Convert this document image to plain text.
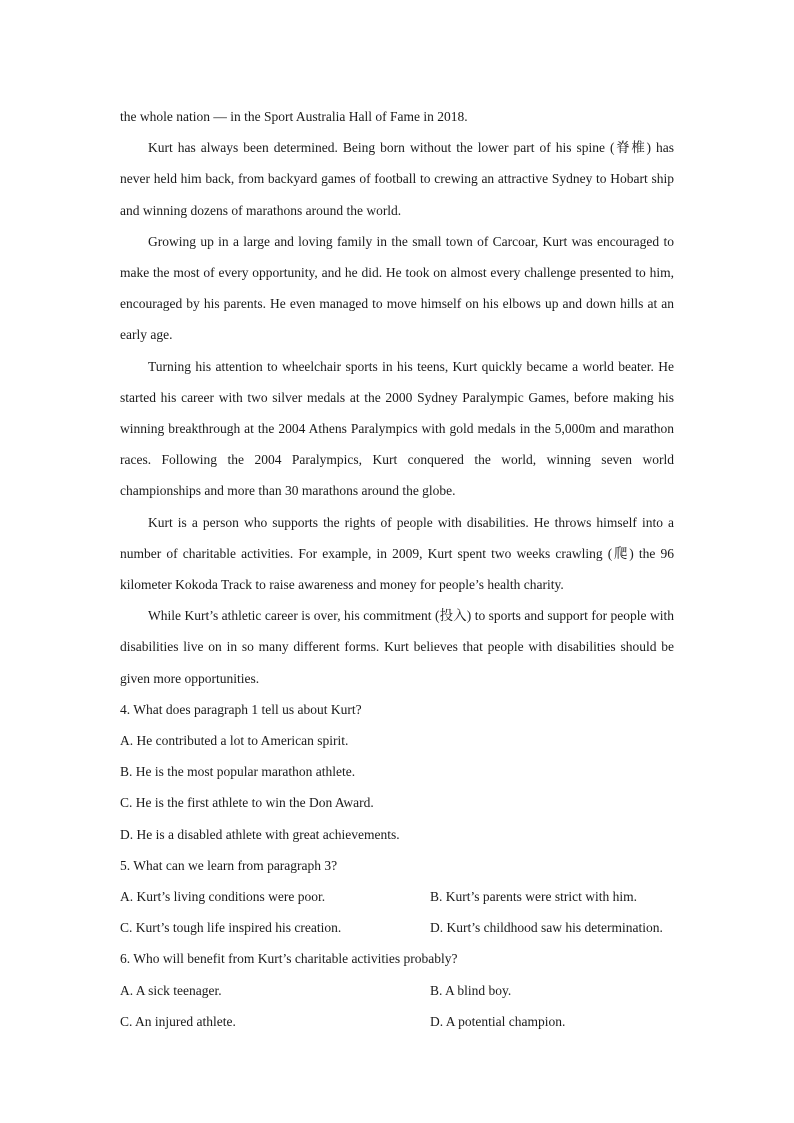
the whole nation — in the Sport Australia Hall of Fame in 2018.

Kurt has always been determined. Being born without the lower part of his spine (脊椎) has never held him back, from backyard games of football to crewing an attractive Sydney to Hobart ship and winning dozens of marathons around the world.

Growing up in a large and loving family in the small town of Carcoar, Kurt was encouraged to make the most of every opportunity, and he did. He took on almost every challenge presented to him, encouraged by his parents. He even managed to move himself on his elbows up and down hills at an early age.

Turning his attention to wheelchair sports in his teens, Kurt quickly became a world beater. He started his career with two silver medals at the 2000 Sydney Paralympic Games, before making his winning breakthrough at the 2004 Athens Paralympics with gold medals in the 5,000m and marathon races. Following the 2004 Paralympics, Kurt conquered the world, winning seven world championships and more than 30 marathons around the globe.

Kurt is a person who supports the rights of people with disabilities. He throws himself into a number of charitable activities. For example, in 2009, Kurt spent two weeks crawling (爬) the 96 kilometer Kokoda Track to raise awareness and money for people’s health charity.

While Kurt’s athletic career is over, his commitment (投入) to sports and support for people with disabilities live on in so many different forms. Kurt believes that people with disabilities should be given more opportunities.

4. What does paragraph 1 tell us about Kurt?

A. He contributed a lot to American spirit.

B. He is the most popular marathon athlete.

C. He is the first athlete to win the Don Award.

D. He is a disabled athlete with great achievements.

5. What can we learn from paragraph 3?

A. Kurt’s living conditions were poor.	B. Kurt’s parents were strict with him.
C. Kurt’s tough life inspired his creation.	D. Kurt’s childhood saw his determination.

6. Who will benefit from Kurt’s charitable activities probably?

A. A sick teenager.	B. A blind boy.
C. An injured athlete.	D. A potential champion.
